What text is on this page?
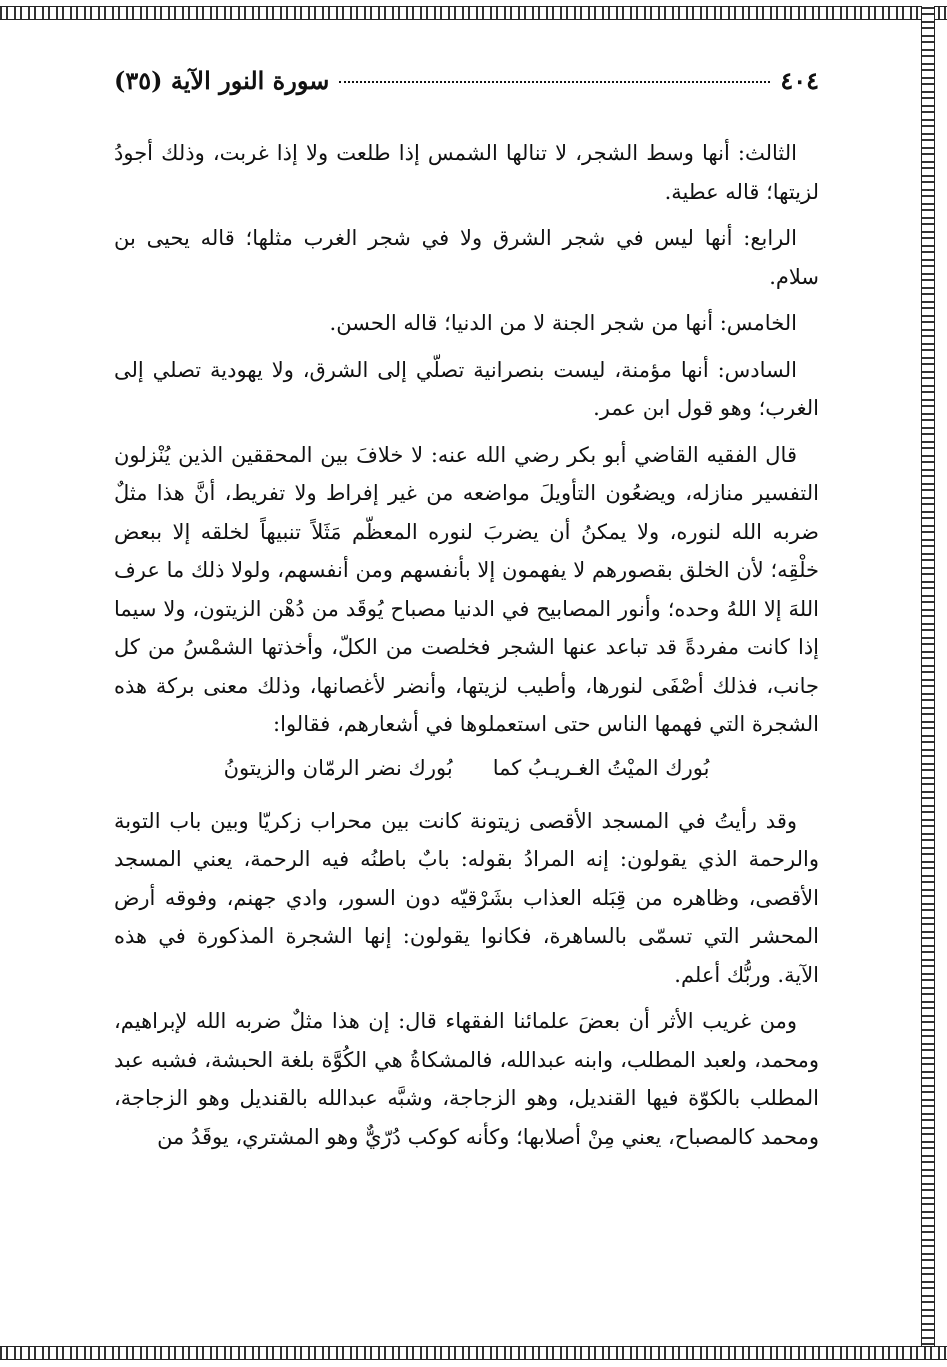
٤٠٤
سورة النور الآية (٣٥)

الثالث: أنها وسط الشجر، لا تنالها الشمس إذا طلعت ولا إذا غربت، وذلك أجودُ لزيتها؛ قاله عطية.

الرابع: أنها ليس في شجر الشرق ولا في شجر الغرب مثلها؛ قاله يحيى بن سلام.

الخامس: أنها من شجر الجنة لا من الدنيا؛ قاله الحسن.

السادس: أنها مؤمنة، ليست بنصرانية تصلّي إلى الشرق، ولا يهودية تصلي إلى الغرب؛ وهو قول ابن عمر.

قال الفقيه القاضي أبو بكر رضي الله عنه: لا خلافَ بين المحققين الذين يُنْزلون التفسير منازله، ويضعُون التأويلَ مواضعه من غير إفراط ولا تفريط، أنَّ هذا مثلٌ ضربه الله لنوره، ولا يمكنُ أن يضربَ لنوره المعظّم مَثَلاً تنبيهاً لخلقه إلا ببعض خلْقِه؛ لأن الخلق بقصورهم لا يفهمون إلا بأنفسهم ومن أنفسهم، ولولا ذلك ما عرف اللهَ إلا اللهُ وحده؛ وأنور المصابيح في الدنيا مصباح يُوقَد من دُهْن الزيتون، ولا سيما إذا كانت مفردةً قد تباعد عنها الشجر فخلصت من الكلّ، وأخذتها الشمْسُ من كل جانب، فذلك أصْفَى لنورها، وأطيب لزيتها، وأنضر لأغصانها، وذلك معنى بركة هذه الشجرة التي فهمها الناس حتى استعملوها في أشعارهم، فقالوا:

بُورك الميْتُ الغـريـبُ كما
بُورك نضر الرمّان والزيتونُ

وقد رأيتُ في المسجد الأقصى زيتونة كانت بين محراب زكريّا وبين باب التوبة والرحمة الذي يقولون: إنه المرادُ بقوله: بابٌ باطنُه فيه الرحمة، يعني المسجد الأقصى، وظاهره من قِبَله العذاب بشَرْقيّه دون السور، وادي جهنم، وفوقه أرض المحشر التي تسمّى بالساهرة، فكانوا يقولون: إنها الشجرة المذكورة في هذه الآية. وربُّك أعلم.

ومن غريب الأثر أن بعضَ علمائنا الفقهاء قال: إن هذا مثلٌ ضربه الله لإبراهيم، ومحمد، ولعبد المطلب، وابنه عبدالله، فالمشكاةُ هي الكُوَّة بلغة الحبشة، فشبه عبد المطلب بالكوّة فيها القنديل، وهو الزجاجة، وشبَّه عبدالله بالقنديل وهو الزجاجة، ومحمد كالمصباح، يعني مِنْ أصلابها؛ وكأنه كوكب دُرّيٌّ وهو المشتري، يوقَدُ من
